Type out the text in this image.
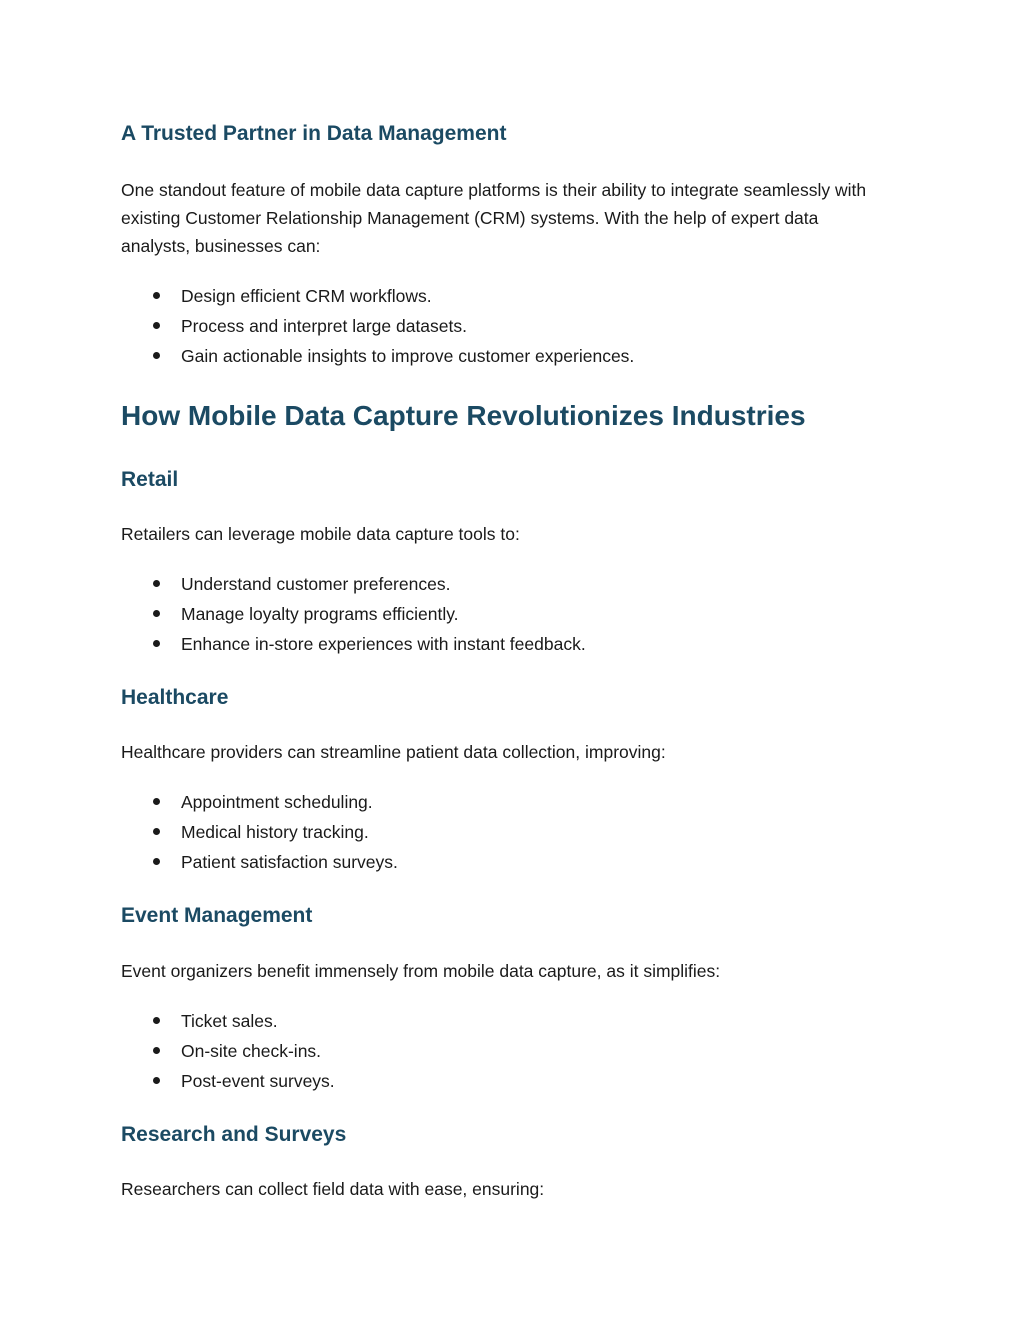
A Trusted Partner in Data Management

One standout feature of mobile data capture platforms is their ability to integrate seamlessly with existing Customer Relationship Management (CRM) systems. With the help of expert data analysts, businesses can:

Design efficient CRM workflows.
Process and interpret large datasets.
Gain actionable insights to improve customer experiences.
How Mobile Data Capture Revolutionizes Industries
Retail

Retailers can leverage mobile data capture tools to:

Understand customer preferences.
Manage loyalty programs efficiently.
Enhance in-store experiences with instant feedback.
Healthcare

Healthcare providers can streamline patient data collection, improving:

Appointment scheduling.
Medical history tracking.
Patient satisfaction surveys.
Event Management

Event organizers benefit immensely from mobile data capture, as it simplifies:

Ticket sales.
On-site check-ins.
Post-event surveys.
Research and Surveys

Researchers can collect field data with ease, ensuring:
